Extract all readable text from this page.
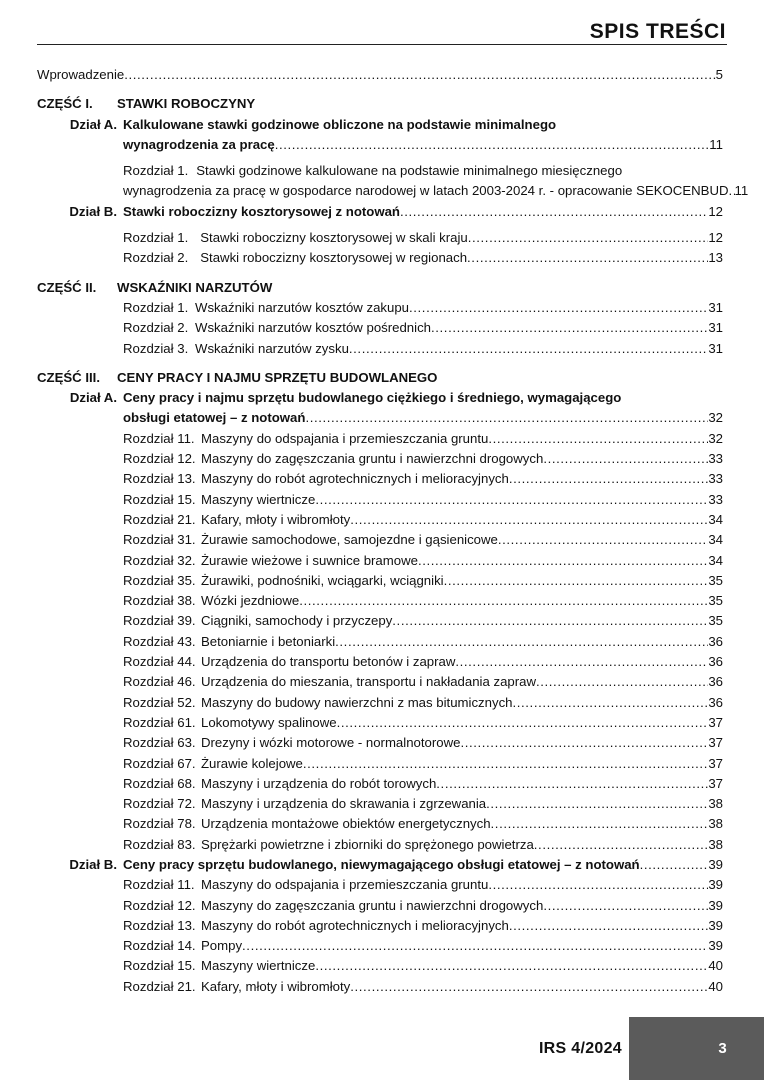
SPIS TREŚCI
Wprowadzenie .....	5
CZĘŚĆ I.	STAWKI ROBOCZYNY
Dział A. Kalkulowane stawki godzinowe obliczone na podstawie minimalnego
wynagrodzenia za pracę .....	11
Rozdział 1. Stawki godzinowe kalkulowane na podstawie minimalnego miesięcznego
wynagrodzenia za pracę w gospodarce narodowej w latach 2003-2024 r. - opracowanie SEKOCENBUD ..... 11
Dział B. Stawki roboczizny kosztorysowej z notowań .....	12
Rozdział 1. Stawki roboczizny kosztorysowej w skali kraju .....	12
Rozdział 2. Stawki roboczizny kosztorysowej w regionach .....	13
CZĘŚĆ II.	WSKAŹNIKI NARZUTÓW
Rozdział 1. Wskaźniki narzutów kosztów zakupu .....	31
Rozdział 2. Wskaźniki narzutów kosztów pośrednich .....	31
Rozdział 3. Wskaźniki narzutów zysku .....	31
CZĘŚĆ III.	CENY PRACY I NAJMU SPRZĘTU BUDOWLANEGO
Dział A. Ceny pracy i najmu sprzętu budowlanego ciężkiego i średniego, wymagającego
obsługi etatowej – z notowań .....	32
Rozdział 11. Maszyny do odspajania i przemieszczania gruntu .....	32
Rozdział 12. Maszyny do zagęszczania gruntu i nawierzchni drogowych .....	33
Rozdział 13. Maszyny do robót agrotechnicznych i melioracyjnych .....	33
Rozdział 15. Maszyny wiertnicze .....	33
Rozdział 21. Kafary, młoty i wibromłoty .....	34
Rozdział 31. Żurawie samochodowe, samojezdne i gąsienicowe .....	34
Rozdział 32. Żurawie wieżowe i suwnice bramowe .....	34
Rozdział 35. Żurawiki, podnośniki, wciągarki, wciągniki .....	35
Rozdział 38. Wózki jezdniowe .....	35
Rozdział 39. Ciągniki, samochody i przyczepy .....	35
Rozdział 43. Betoniarnie i betoniarki .....	36
Rozdział 44. Urządzenia do transportu betonów i zapraw .....	36
Rozdział 46. Urządzenia do mieszania, transportu i nakładania zapraw .....	36
Rozdział 52. Maszyny do budowy nawierzchni z mas bitumicznych .....	36
Rozdział 61. Lokomotywy spalinowe .....	37
Rozdział 63. Drezyny i wózki motorowe - normalnotorowe .....	37
Rozdział 67. Żurawie kolejowe .....	37
Rozdział 68. Maszyny i urządzenia do robót torowych .....	37
Rozdział 72. Maszyny i urządzenia do skrawania i zgrzewania .....	38
Rozdział 78. Urządzenia montażowe obiektów energetycznych .....	38
Rozdział 83. Sprężarki powietrzne i zbiorniki do sprężonego powietrza .....	38
Dział B. Ceny pracy sprzętu budowlanego, niewymagającego obsługi etatowej – z notowań .....	39
Rozdział 11. Maszyny do odspajania i przemieszczania gruntu .....	39
Rozdział 12. Maszyny do zagęszczania gruntu i nawierzchni drogowych .....	39
Rozdział 13. Maszyny do robót agrotechnicznych i melioracyjnych .....	39
Rozdział 14. Pompy .....	39
Rozdział 15. Maszyny wiertnicze .....	40
Rozdział 21. Kafary, młoty i wibromłoty .....	40
IRS 4/2024	3
